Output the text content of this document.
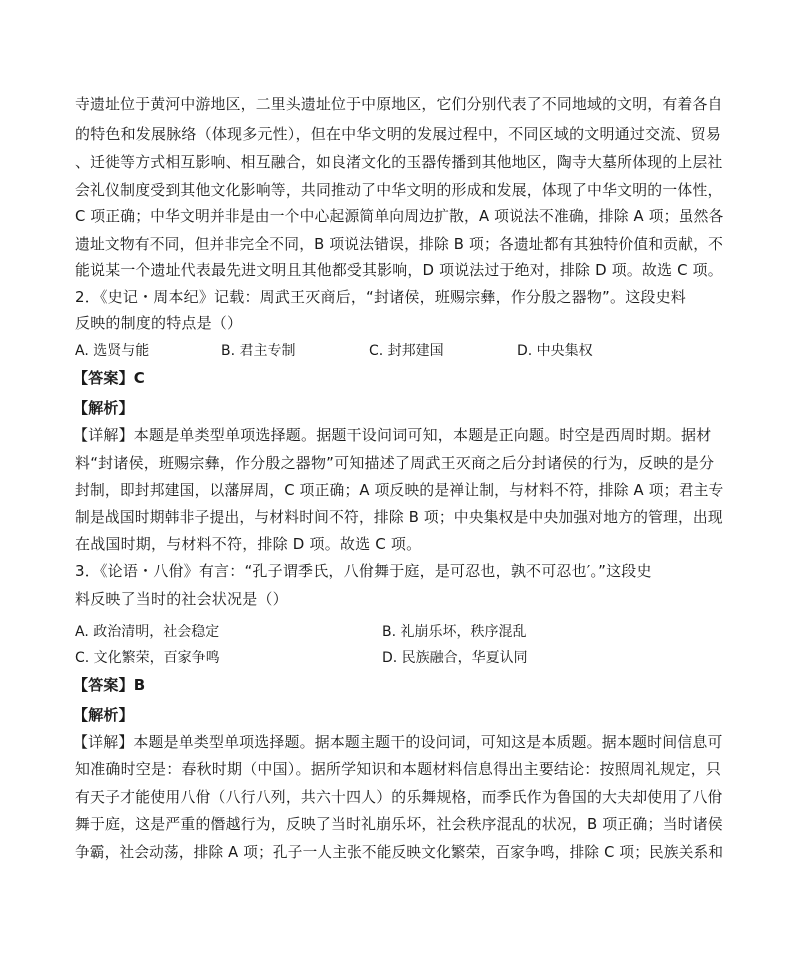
寺遗址位于黄河中游地区，二里头遗址位于中原地区，它们分别代表了不同地域的文明，有着各自
的特色和发展脉络（体现多元性），但在中华文明的发展过程中，不同区域的文明通过交流、贸易
、迁徙等方式相互影响、相互融合，如良渚文化的玉器传播到其他地区，陶寺大墓所体现的上层社
会礼仪制度受到其他文化影响等，共同推动了中华文明的形成和发展，体现了中华文明的一体性，
C 项正确；中华文明并非是由一个中心起源简单向周边扩散，A 项说法不准确，排除 A 项；虽然各
遗址文物有不同，但并非完全不同，B 项说法错误，排除 B 项；各遗址都有其独特价值和贡献，不
能说某一个遗址代表最先进文明且其他都受其影响，D 项说法过于绝对，排除 D 项。故选 C 项。
2．《史记・周本纪》记载：周武王灭商后，“封诸侯，班赐宗彝，作分殷之器物”。这段史料
反映的制度的特点是（）
A. 选贤与能	B. 君主专制	C. 封邦建国	D. 中央集权
【答案】C
【解析】
【详解】本题是单类型单项选择题。据题干设问词可知，本题是正向题。时空是西周时期。据材
料“封诸侯，班赐宗彝，作分殷之器物”可知描述了周武王灭商之后分封诸侯的行为，反映的是分
封制，即封邦建国，以藩屏周，C 项正确；A 项反映的是禅让制，与材料不符，排除 A 项；君主专
制是战国时期韩非子提出，与材料时间不符，排除 B 项；中央集权是中央加强对地方的管理，出现
在战国时期，与材料不符，排除 D 项。故选 C 项。
3．《论语・八佾》有言：“孔子谓季氏，八佾舞于庭，是可忍也，孰不可忍也′。”这段史
料反映了当时的社会状况是（）
A. 政治清明，社会稳定	B. 礼崩乐坏，秩序混乱
C. 文化繁荣，百家争鸣	D. 民族融合，华夏认同
【答案】B
【解析】
【详解】本题是单类型单项选择题。据本题主题干的设问词，可知这是本质题。据本题时间信息可
知准确时空是：春秋时期（中国）。据所学知识和本题材料信息得出主要结论：按照周礼规定，只
有天子才能使用八佾（八行八列，共六十四人）的乐舞规格，而季氏作为鲁国的大夫却使用了八佾
舞于庭，这是严重的僭越行为，反映了当时礼崩乐坏，社会秩序混乱的状况，B 项正确；当时诸侯
争霸，社会动荡，排除 A 项；孔子一人主张不能反映文化繁荣，百家争鸣，排除 C 项；民族关系和
